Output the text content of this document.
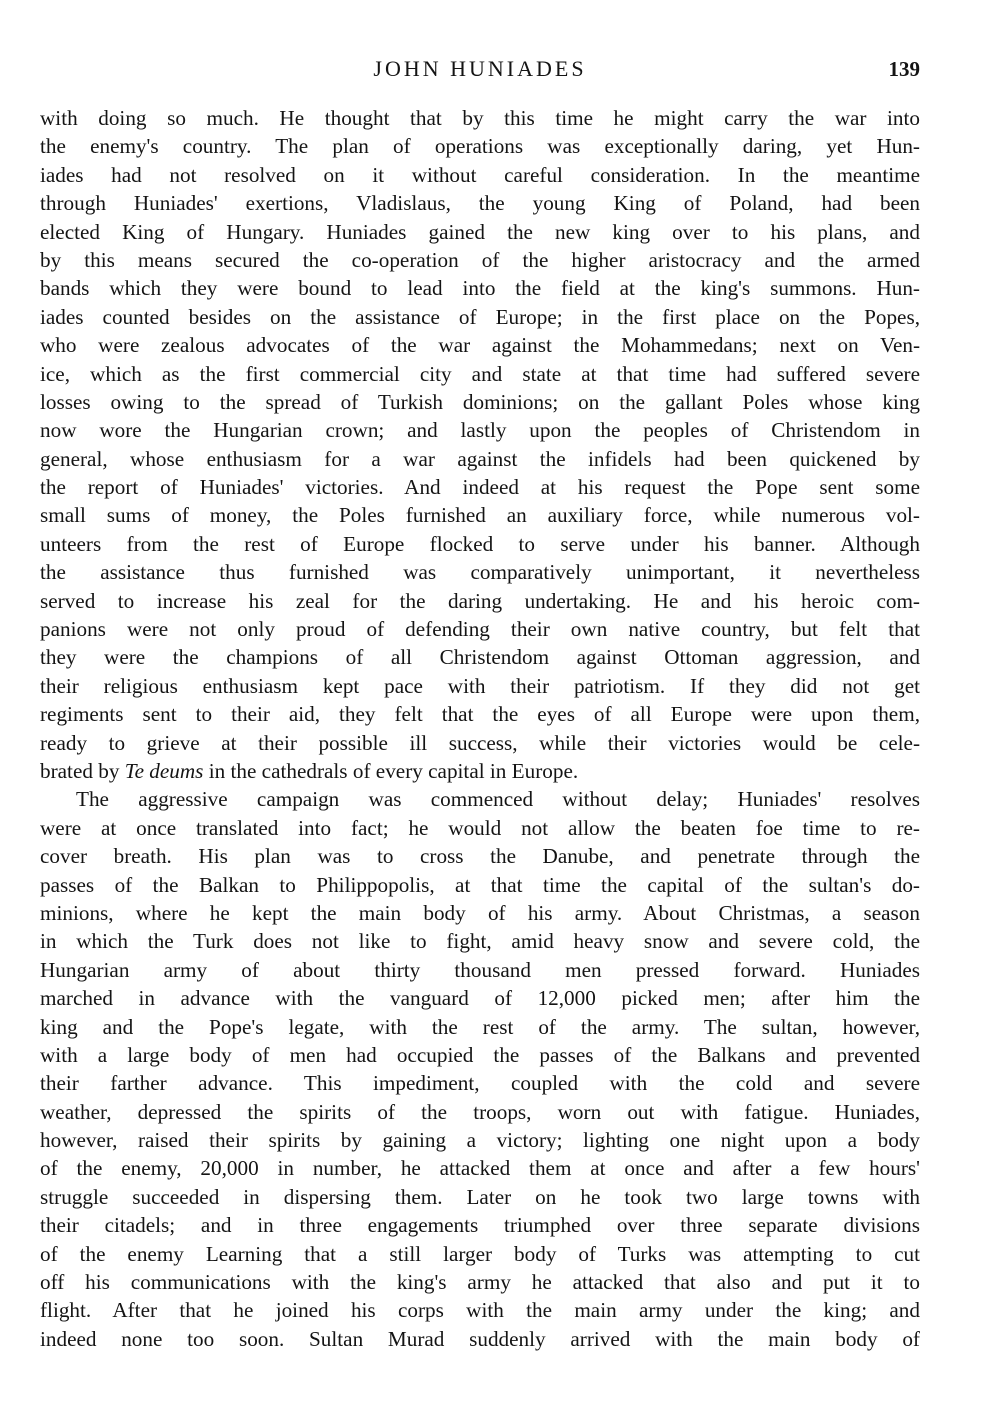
JOHN HUNIADES	139
with doing so much. He thought that by this time he might carry the war into
the enemy's country. The plan of operations was exceptionally daring, yet Hun-
iades had not resolved on it without careful consideration. In the meantime
through Huniades' exertions, Vladislaus, the young King of Poland, had been
elected King of Hungary. Huniades gained the new king over to his plans, and
by this means secured the co-operation of the higher aristocracy and the armed
bands which they were bound to lead into the field at the king's summons. Hun-
iades counted besides on the assistance of Europe; in the first place on the Popes,
who were zealous advocates of the war against the Mohammedans; next on Ven-
ice, which as the first commercial city and state at that time had suffered severe
losses owing to the spread of Turkish dominions; on the gallant Poles whose king
now wore the Hungarian crown; and lastly upon the peoples of Christendom in
general, whose enthusiasm for a war against the infidels had been quickened by
the report of Huniades' victories. And indeed at his request the Pope sent some
small sums of money, the Poles furnished an auxiliary force, while numerous vol-
unteers from the rest of Europe flocked to serve under his banner. Although
the assistance thus furnished was comparatively unimportant, it nevertheless
served to increase his zeal for the daring undertaking. He and his heroic com-
panions were not only proud of defending their own native country, but felt that
they were the champions of all Christendom against Ottoman aggression, and
their religious enthusiasm kept pace with their patriotism. If they did not get
regiments sent to their aid, they felt that the eyes of all Europe were upon them,
ready to grieve at their possible ill success, while their victories would be cele-
brated by Te deums in the cathedrals of every capital in Europe.
The aggressive campaign was commenced without delay; Huniades' resolves
were at once translated into fact; he would not allow the beaten foe time to re-
cover breath. His plan was to cross the Danube, and penetrate through the
passes of the Balkan to Philippopolis, at that time the capital of the sultan's do-
minions, where he kept the main body of his army. About Christmas, a season
in which the Turk does not like to fight, amid heavy snow and severe cold, the
Hungarian army of about thirty thousand men pressed forward. Huniades
marched in advance with the vanguard of 12,000 picked men; after him the
king and the Pope's legate, with the rest of the army. The sultan, however,
with a large body of men had occupied the passes of the Balkans and prevented
their farther advance. This impediment, coupled with the cold and severe
weather, depressed the spirits of the troops, worn out with fatigue. Huniades,
however, raised their spirits by gaining a victory; lighting one night upon a body
of the enemy, 20,000 in number, he attacked them at once and after a few hours'
struggle succeeded in dispersing them. Later on he took two large towns with
their citadels; and in three engagements triumphed over three separate divisions
of the enemy Learning that a still larger body of Turks was attempting to cut
off his communications with the king's army he attacked that also and put it to
flight. After that he joined his corps with the main army under the king; and
indeed none too soon. Sultan Murad suddenly arrived with the main body of
